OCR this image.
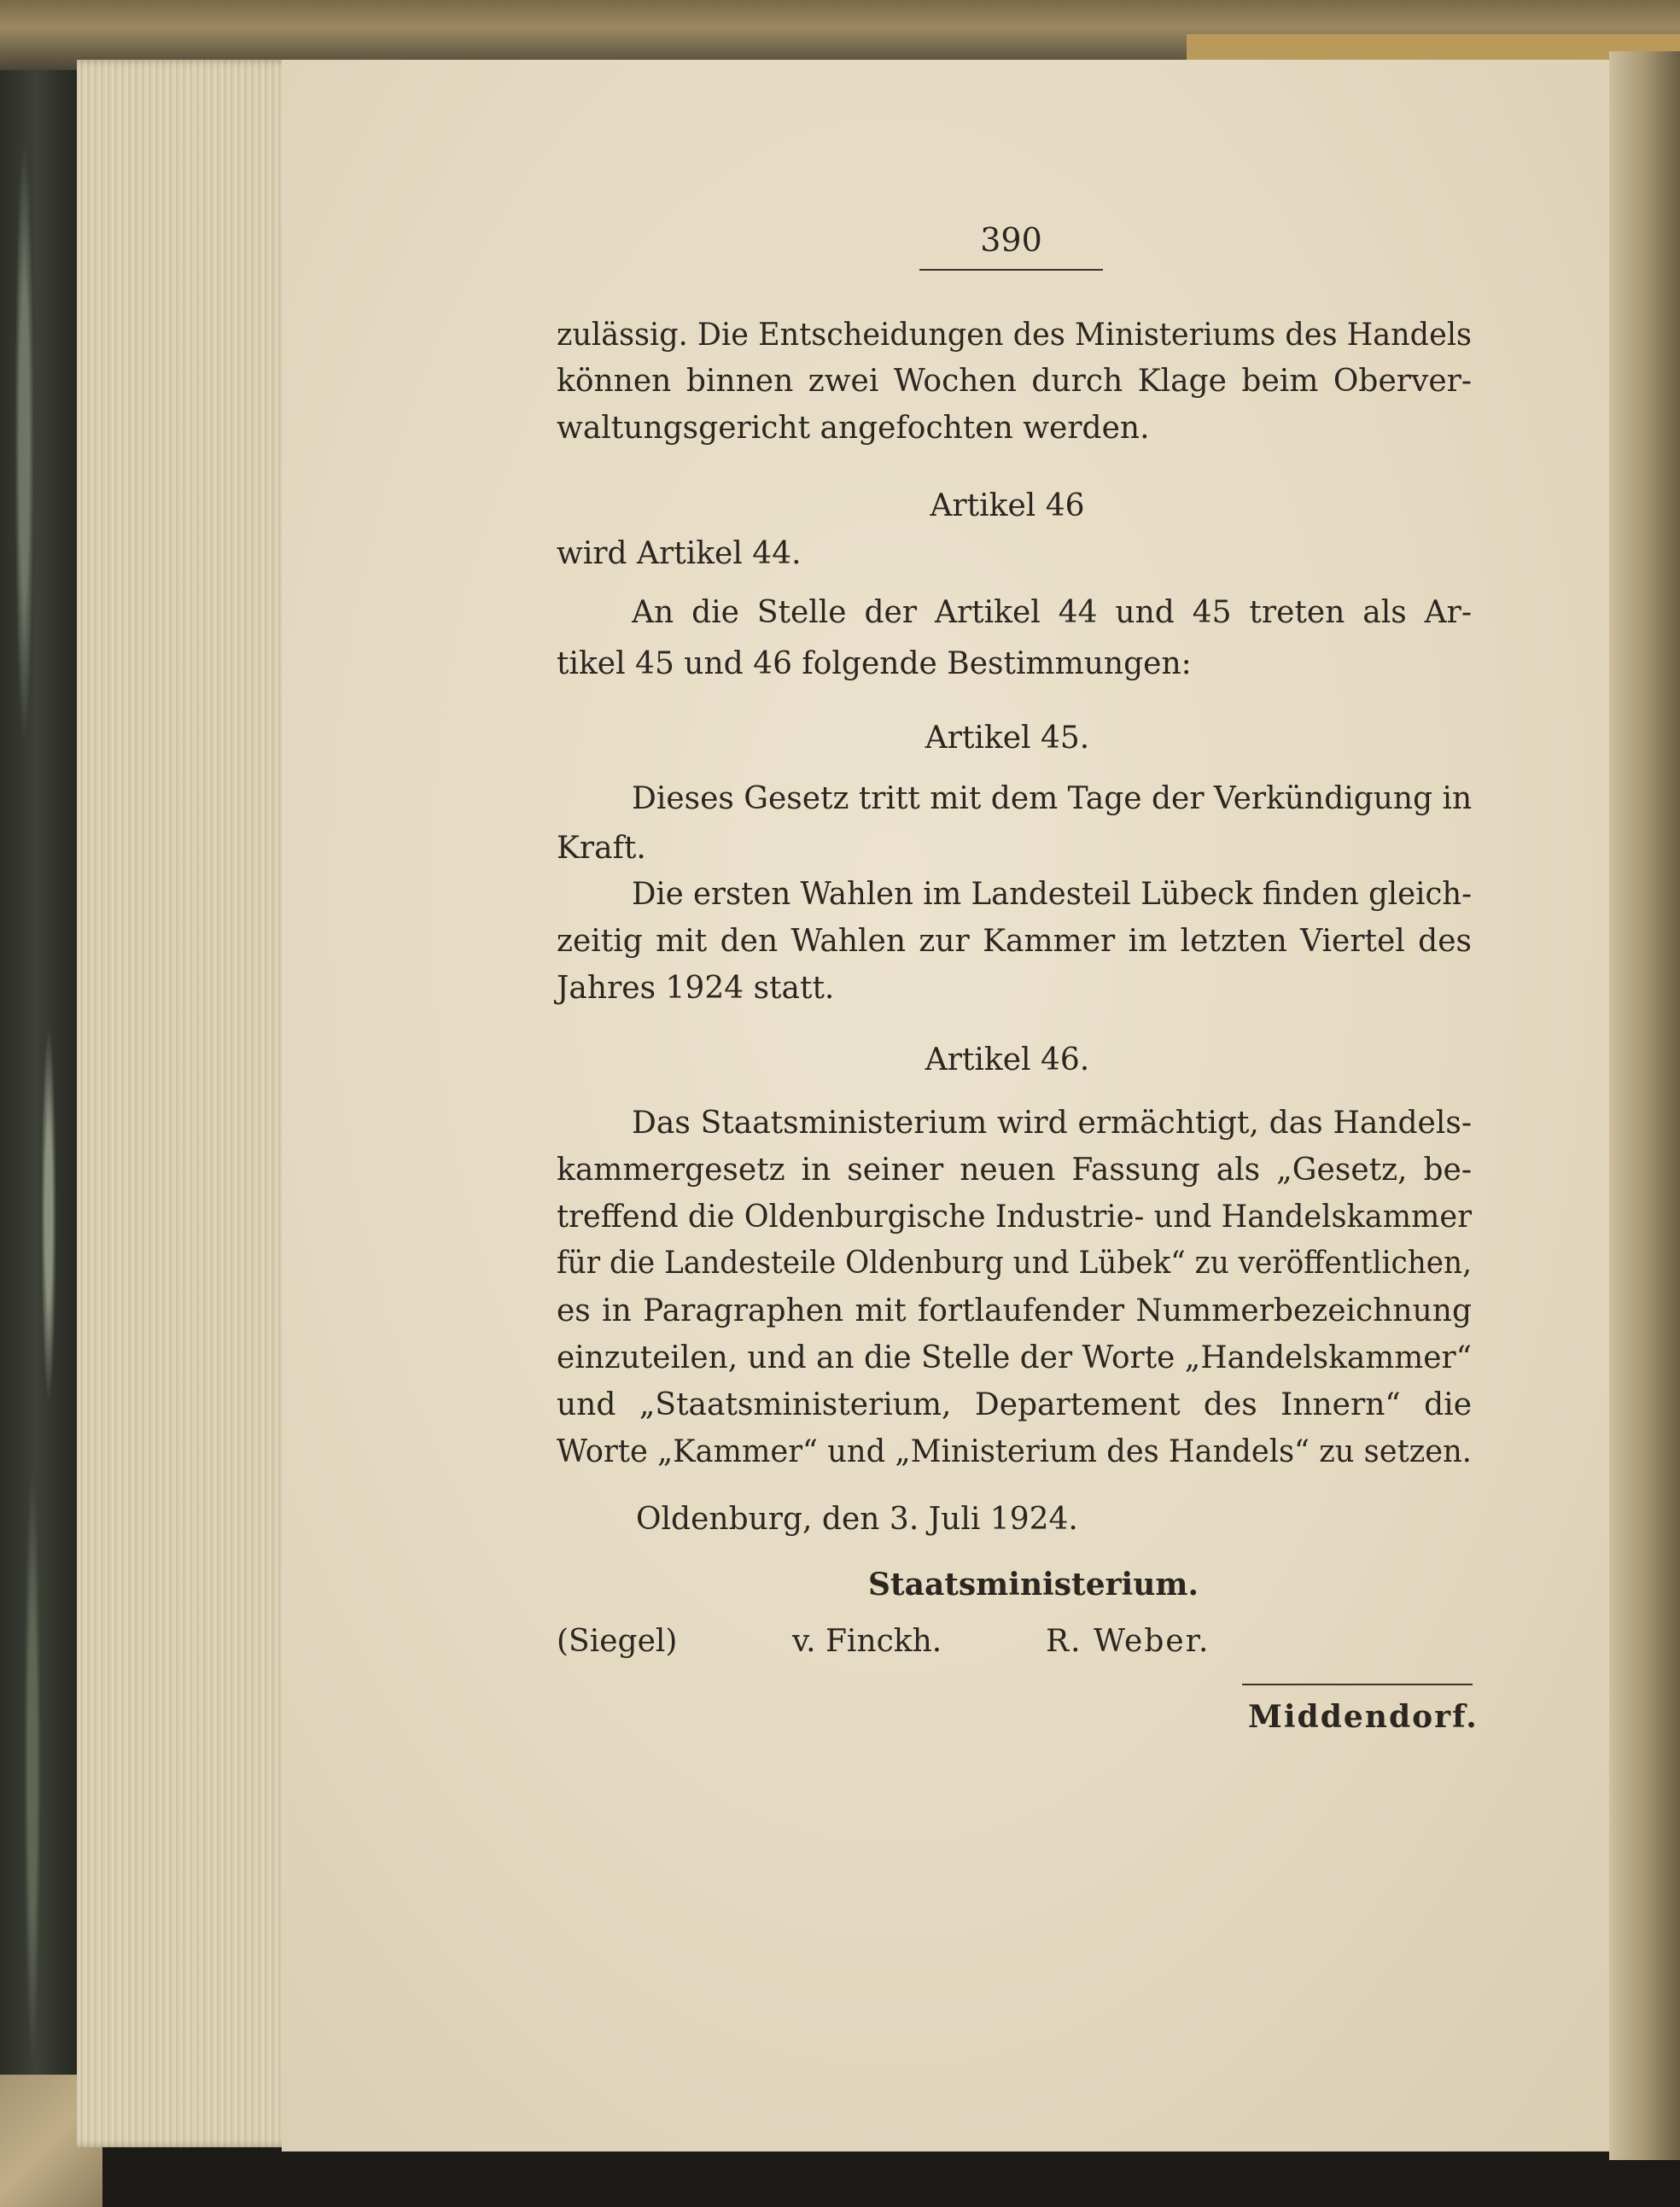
390
zulässig. Die Entscheidungen des Ministeriums des Handels
können binnen zwei Wochen durch Klage beim Oberver-
waltungsgericht angefochten werden.
Artikel 46
wird Artikel 44.
An die Stelle der Artikel 44 und 45 treten als Ar-
tikel 45 und 46 folgende Bestimmungen:
Artikel 45.
Dieses Gesetz tritt mit dem Tage der Verkündigung in
Kraft.
Die ersten Wahlen im Landesteil Lübeck finden gleich-
zeitig mit den Wahlen zur Kammer im letzten Viertel des
Jahres 1924 statt.
Artikel 46.
Das Staatsministerium wird ermächtigt, das Handels-
kammergesetz in seiner neuen Fassung als „Gesetz, be-
treffend die Oldenburgische Industrie- und Handelskammer
für die Landesteile Oldenburg und Lübek“ zu veröffentlichen,
es in Paragraphen mit fortlaufender Nummerbezeichnung
einzuteilen, und an die Stelle der Worte „Handelskammer“
und „Staatsministerium, Departement des Innern“ die
Worte „Kammer“ und „Ministerium des Handels“ zu setzen.
Oldenburg, den 3. Juli 1924.
Staatsministerium.
(Siegel)	v. Finckh.	R. Weber.
Middendorf.
